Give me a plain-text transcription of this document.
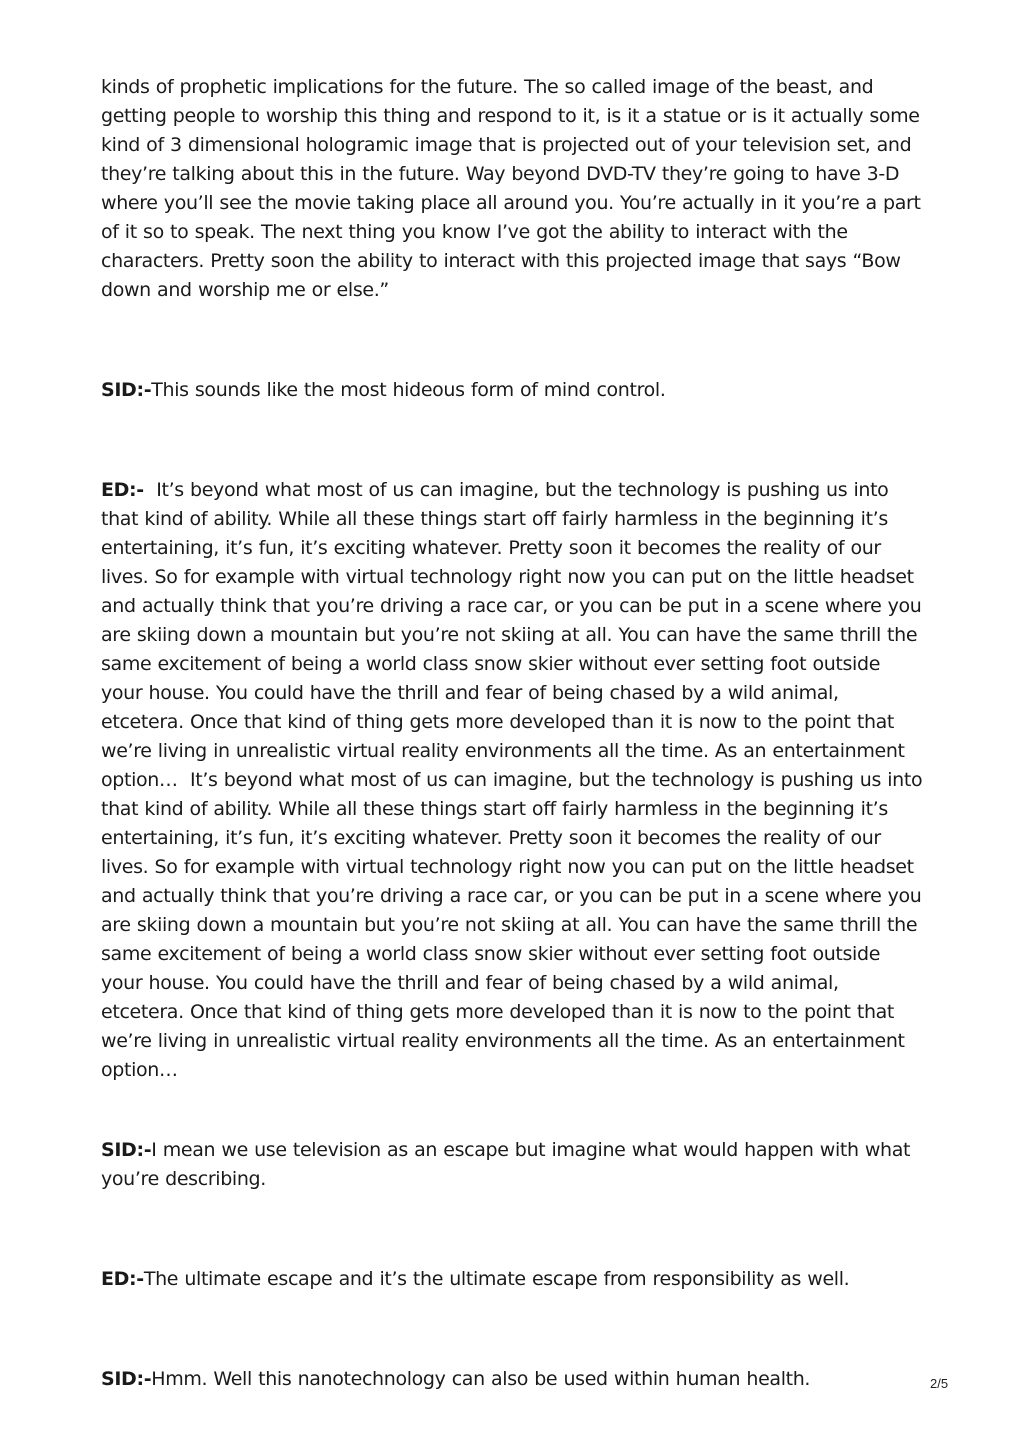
kinds of prophetic implications for the future. The so called image of the beast, and getting people to worship this thing and respond to it, is it a statue or is it actually some kind of 3 dimensional hologramic image that is projected out of your television set, and they’re talking about this in the future. Way beyond DVD-TV they’re going to have 3-D where you’ll see the movie taking place all around you. You’re actually in it you’re a part of it so to speak. The next thing you know I’ve got the ability to interact with the characters. Pretty soon the ability to interact with this projected image that says “Bow down and worship me or else.”

SID:-This sounds like the most hideous form of mind control.

ED:-  It’s beyond what most of us can imagine, but the technology is pushing us into that kind of ability. While all these things start off fairly harmless in the beginning it’s entertaining, it’s fun, it’s exciting whatever. Pretty soon it becomes the reality of our lives. So for example with virtual technology right now you can put on the little headset and actually think that you’re driving a race car, or you can be put in a scene where you are skiing down a mountain but you’re not skiing at all. You can have the same thrill the same excitement of being a world class snow skier without ever setting foot outside your house. You could have the thrill and fear of being chased by a wild animal, etcetera. Once that kind of thing gets more developed than it is now to the point that we’re living in unrealistic virtual reality environments all the time. As an entertainment option…  It’s beyond what most of us can imagine, but the technology is pushing us into that kind of ability. While all these things start off fairly harmless in the beginning it’s entertaining, it’s fun, it’s exciting whatever. Pretty soon it becomes the reality of our lives. So for example with virtual technology right now you can put on the little headset and actually think that you’re driving a race car, or you can be put in a scene where you are skiing down a mountain but you’re not skiing at all. You can have the same thrill the same excitement of being a world class snow skier without ever setting foot outside your house. You could have the thrill and fear of being chased by a wild animal, etcetera. Once that kind of thing gets more developed than it is now to the point that we’re living in unrealistic virtual reality environments all the time. As an entertainment option…

SID:-I mean we use television as an escape but imagine what would happen with what you’re describing.

ED:-The ultimate escape and it’s the ultimate escape from responsibility as well.

SID:-Hmm. Well this nanotechnology can also be used within human health.	2/5
